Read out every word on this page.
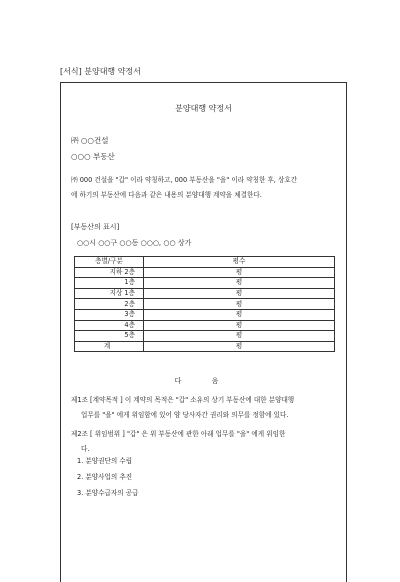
[서식] 분양대행 약정서
분양대행 약정서
㈜ ○○건설
○○○ 부동산
㈜ 000 건설을 "갑" 이라 약칭하고, 000 부동산을 "을" 이라 약칭한 후, 상호간
에 하기의 부동산에 다음과 같은 내용의 분양대행 계약을 체결한다.
[부동산의 표시]
○○시 ○○구 ○○동 ○○○, ○○ 상가
층별/구분	평수
지하 2층	평
1층	평
지상 1층	평
2층	평
3층	평
4층	평
5층	평
계	평
다 음
제1조 [계약목적 ] 이 계약의 목적은 "갑" 소유의 상기 부동산에 대한 분양대행
업무를 "을" 에게 위임함에 있어 양 당사자간 권리와 의무를 정함에 있다.
제2조 [ 위임범위 ] "갑" 은 위 부동산에 관한 아래 업무를 "을" 에게 위임한
다.
1. 분양권단의 수립
2. 분양사업의 추진
3. 분양수급자의 공급
